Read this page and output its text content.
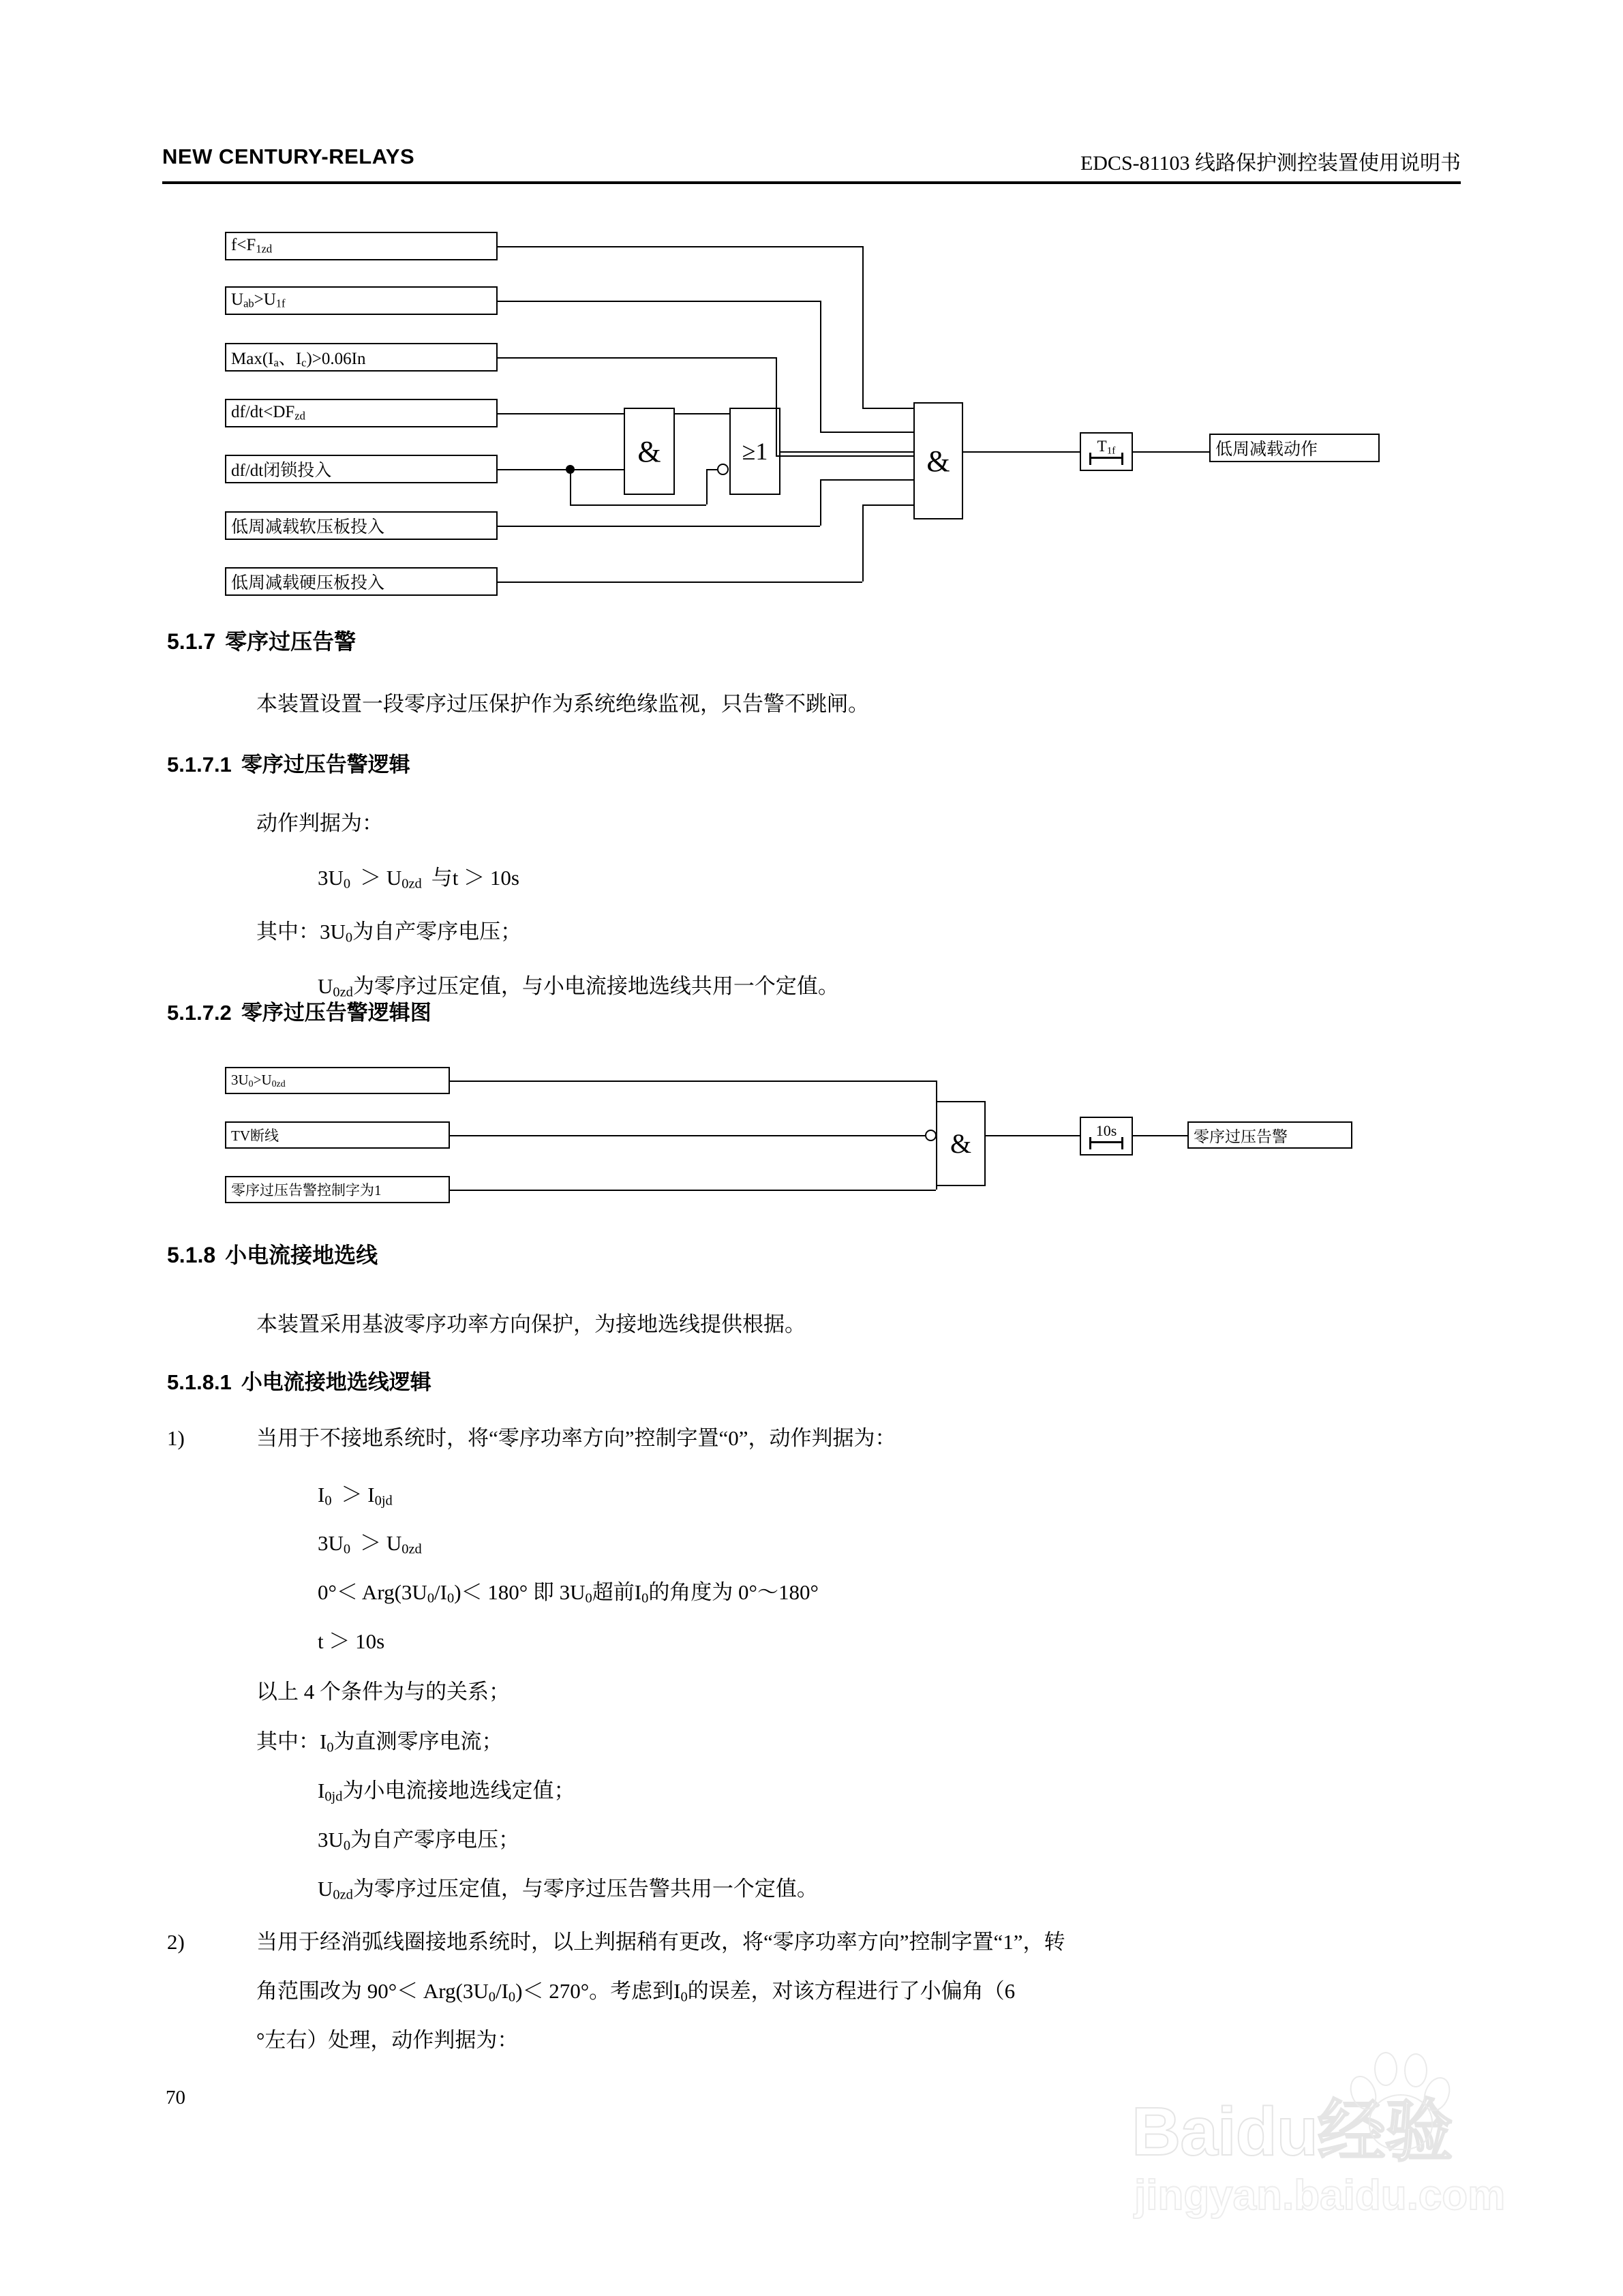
NEW CENTURY-RELAYS	EDCS-81103 线路保护测控装置使用说明书
$f<F_{1zd}$
$U_{ab}>U_{1f}$
$Max(I_a$、$I_c)>0.06In$
$df/dt<DF_{zd}$
df/dt闭锁投入
低周减载软压板投入
低周减载硬压板投入
&	≥1	&	$T_{1f}$	低周减载动作
5.1.7 零序过压告警
本装置设置一段零序过压保护作为系统绝缘监视，只告警不跳闸。
5.1.7.1 零序过压告警逻辑
动作判据为：
$3U_0 > U_{0zd}$ 与t ＞ 10s
其中：$3U_0$为自产零序电压；
$U_{0zd}$为零序过压定值，与小电流接地选线共用一个定值。
5.1.7.2 零序过压告警逻辑图
$3U_0>U_{0zd}$
TV断线
零序过压告警控制字为1
&	10s	零序过压告警
5.1.8 小电流接地选线
本装置采用基波零序功率方向保护，为接地选线提供根据。
5.1.8.1 小电流接地选线逻辑
1)	当用于不接地系统时，将“零序功率方向”控制字置“0”，动作判据为：
$I_0 > I_{0jd}$
$3U_0 > U_{0zd}$
$0^\circ< Arg(3U_0/I_0)< 180^\circ$ 即 $3U_0$超前$I_0$的角度为 0°～180°
t ＞ 10s
以上 4 个条件为与的关系；
其中：$I_0$为直测零序电流；
$I_{0jd}$为小电流接地选线定值；
$3U_0$为自产零序电压；
$U_{0zd}$为零序过压定值，与零序过压告警共用一个定值。
2)	当用于经消弧线圈接地系统时，以上判据稍有更改，将“零序功率方向”控制字置“1”，转
角范围改为 $90^\circ< Arg(3U_0/I_0)< 270^\circ$。考虑到$I_0$的误差，对该方程进行了小偏角（6
°左右）处理，动作判据为：
70	Baidu经验
jingyan.baidu.com
